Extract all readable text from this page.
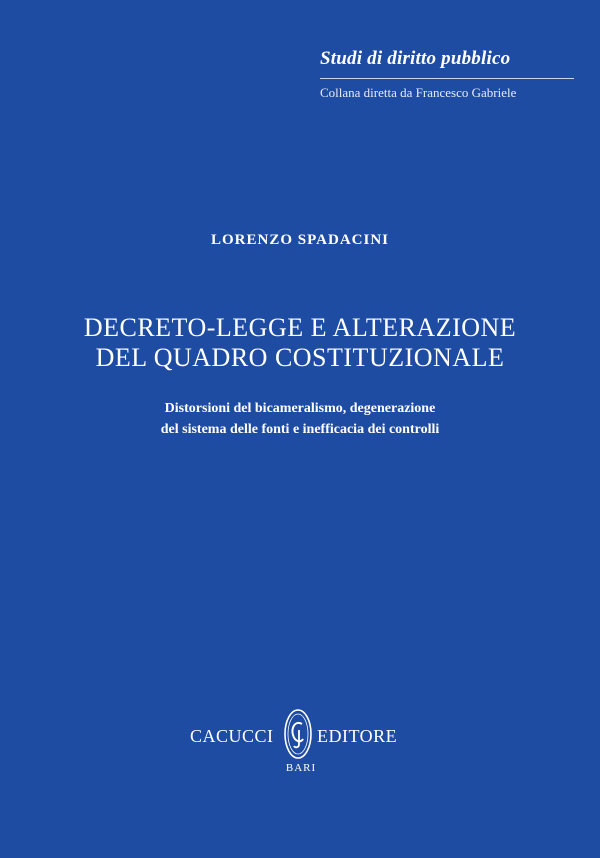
Studi di diritto pubblico

Collana diretta da Francesco Gabriele

LORENZO SPADACINI
DECRETO-LEGGE E ALTERAZIONE
DEL QUADRO COSTITUZIONALE
Distorsioni del bicameralismo, degenerazione
del sistema delle fonti e inefficacia dei controlli
CACUCCI EDITORE
BARI
